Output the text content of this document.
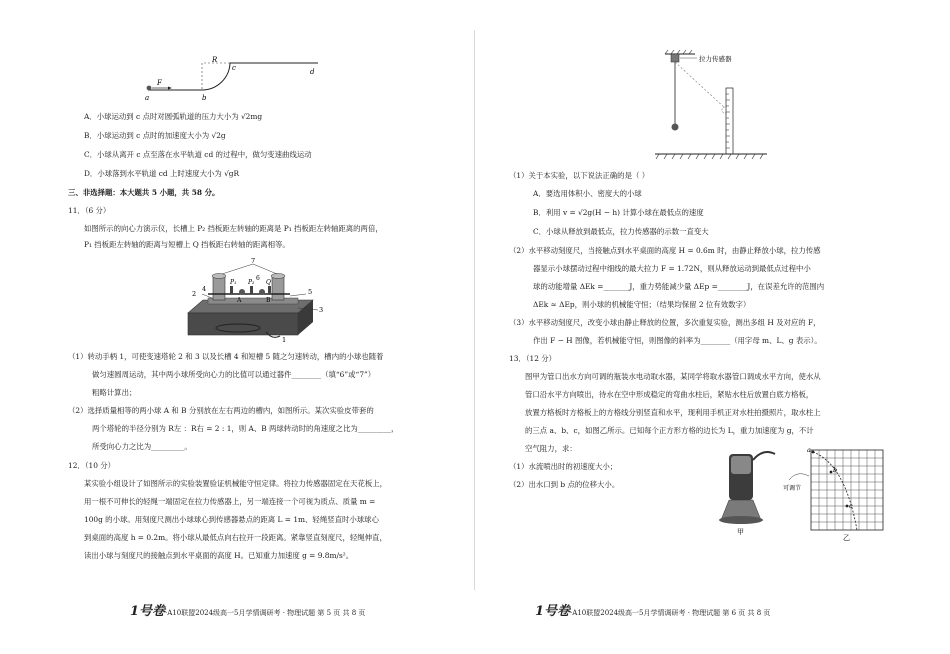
F
R
a	b
c	d
A．小球运动到 c 点时对圆弧轨道的压力大小为 √2mg
B．小球运动到 c 点时的加速度大小为 √2g
C．小球从离开 c 点至落在水平轨道 cd 的过程中，做匀变速曲线运动
D．小球落到水平轨道 cd 上时速度大小为 √gR
三、非选择题：本大题共 5 小题，共 58 分。
11．（6 分）
如图所示的向心力演示仪，长槽上 P₂ 挡板距左转轴的距离是 P₁ 挡板距左转轴距离的两倍，
P₁ 挡板距左转轴的距离与短槽上 Q 挡板距右转轴的距离相等。
7
2
4
P₁ P₂ Q
6
A	B
5
3
1
（1）转动手柄 1，可使变速塔轮 2 和 3 以及长槽 4 和短槽 5 随之匀速转动，槽内的小球也随着
做匀速圆周运动，其中两小球所受向心力的比值可以通过器件________（填“6”或“7”）
粗略计算出；
（2）选择质量相等的两小球 A 和 B 分别放在左右两边的槽内，如图所示。某次实验皮带套的
两个塔轮的半径分别为 R左 ：R右 = 2 : 1，则 A、B 两球转动时的角速度之比为_________，
所受向心力之比为_________。
12．（10 分）
某实验小组设计了如图所示的实验装置验证机械能守恒定律。将拉力传感器固定在天花板上，
用一根不可伸长的轻绳一端固定在拉力传感器上，另一端连接一个可视为质点、质量 m =
100g 的小球。用刻度尺测出小球球心到传感器悬点的距离 L = 1m、轻绳竖直时小球球心
到桌面的高度 h = 0.2m。将小球从最低点向右拉开一段距离。紧靠竖直刻度尺，轻绳伸直，
读出小球与刻度尺的接触点到水平桌面的高度 H。已知重力加速度 g = 9.8m/s²。
1号卷·A10联盟2024级高一5月学情调研考 · 物理试题 第 5 页 共 8 页
拉力传感器
（1）关于本实验，以下说法正确的是（ ）
A．要选用体积小、密度大的小球
B．利用 v = √2g(H − h) 计算小球在最低点的速度
C．小球从释放到最低点，拉力传感器的示数一直变大
（2）水平移动刻度尺，当接触点到水平桌面的高度 H = 0.6m 时，由静止释放小球，拉力传感
器显示小球摆动过程中细线的最大拉力 F = 1.72N，则从释放运动到最低点过程中小
球的动能增量 ΔEk =_______J，重力势能减少量 ΔEp =________J，在误差允许的范围内
ΔEk ≈ ΔEp，则小球的机械能守恒；（结果均保留 2 位有效数字）
（3）水平移动刻度尺，改变小球由静止释放的位置，多次重复实验，测出多组 H 及对应的 F，
作出 F − H 图像，若机械能守恒，则图像的斜率为________（用字母 m、L、g 表示）。
13．（12 分）
图甲为管口出水方向可调的瓶装水电动取水器，某同学将取水器管口调成水平方向，使水从
管口沿水平方向喷出，待水在空中形成稳定的弯曲水柱后，紧贴水柱后放置白底方格板，
放置方格板时方格板上的方格线分别竖直和水平，现利用手机正对水柱拍摄照片，取水柱上
的三点 a、b、c，如图乙所示。已知每个正方形方格的边长为 L，重力加速度为 g，不计
空气阻力，求：
（1）水流喷出时的初速度大小；
（2）出水口到 b 点的位移大小。
甲
可调节
a
b
c
乙
1号卷·A10联盟2024级高一5月学情调研考 · 物理试题 第 6 页 共 8 页
